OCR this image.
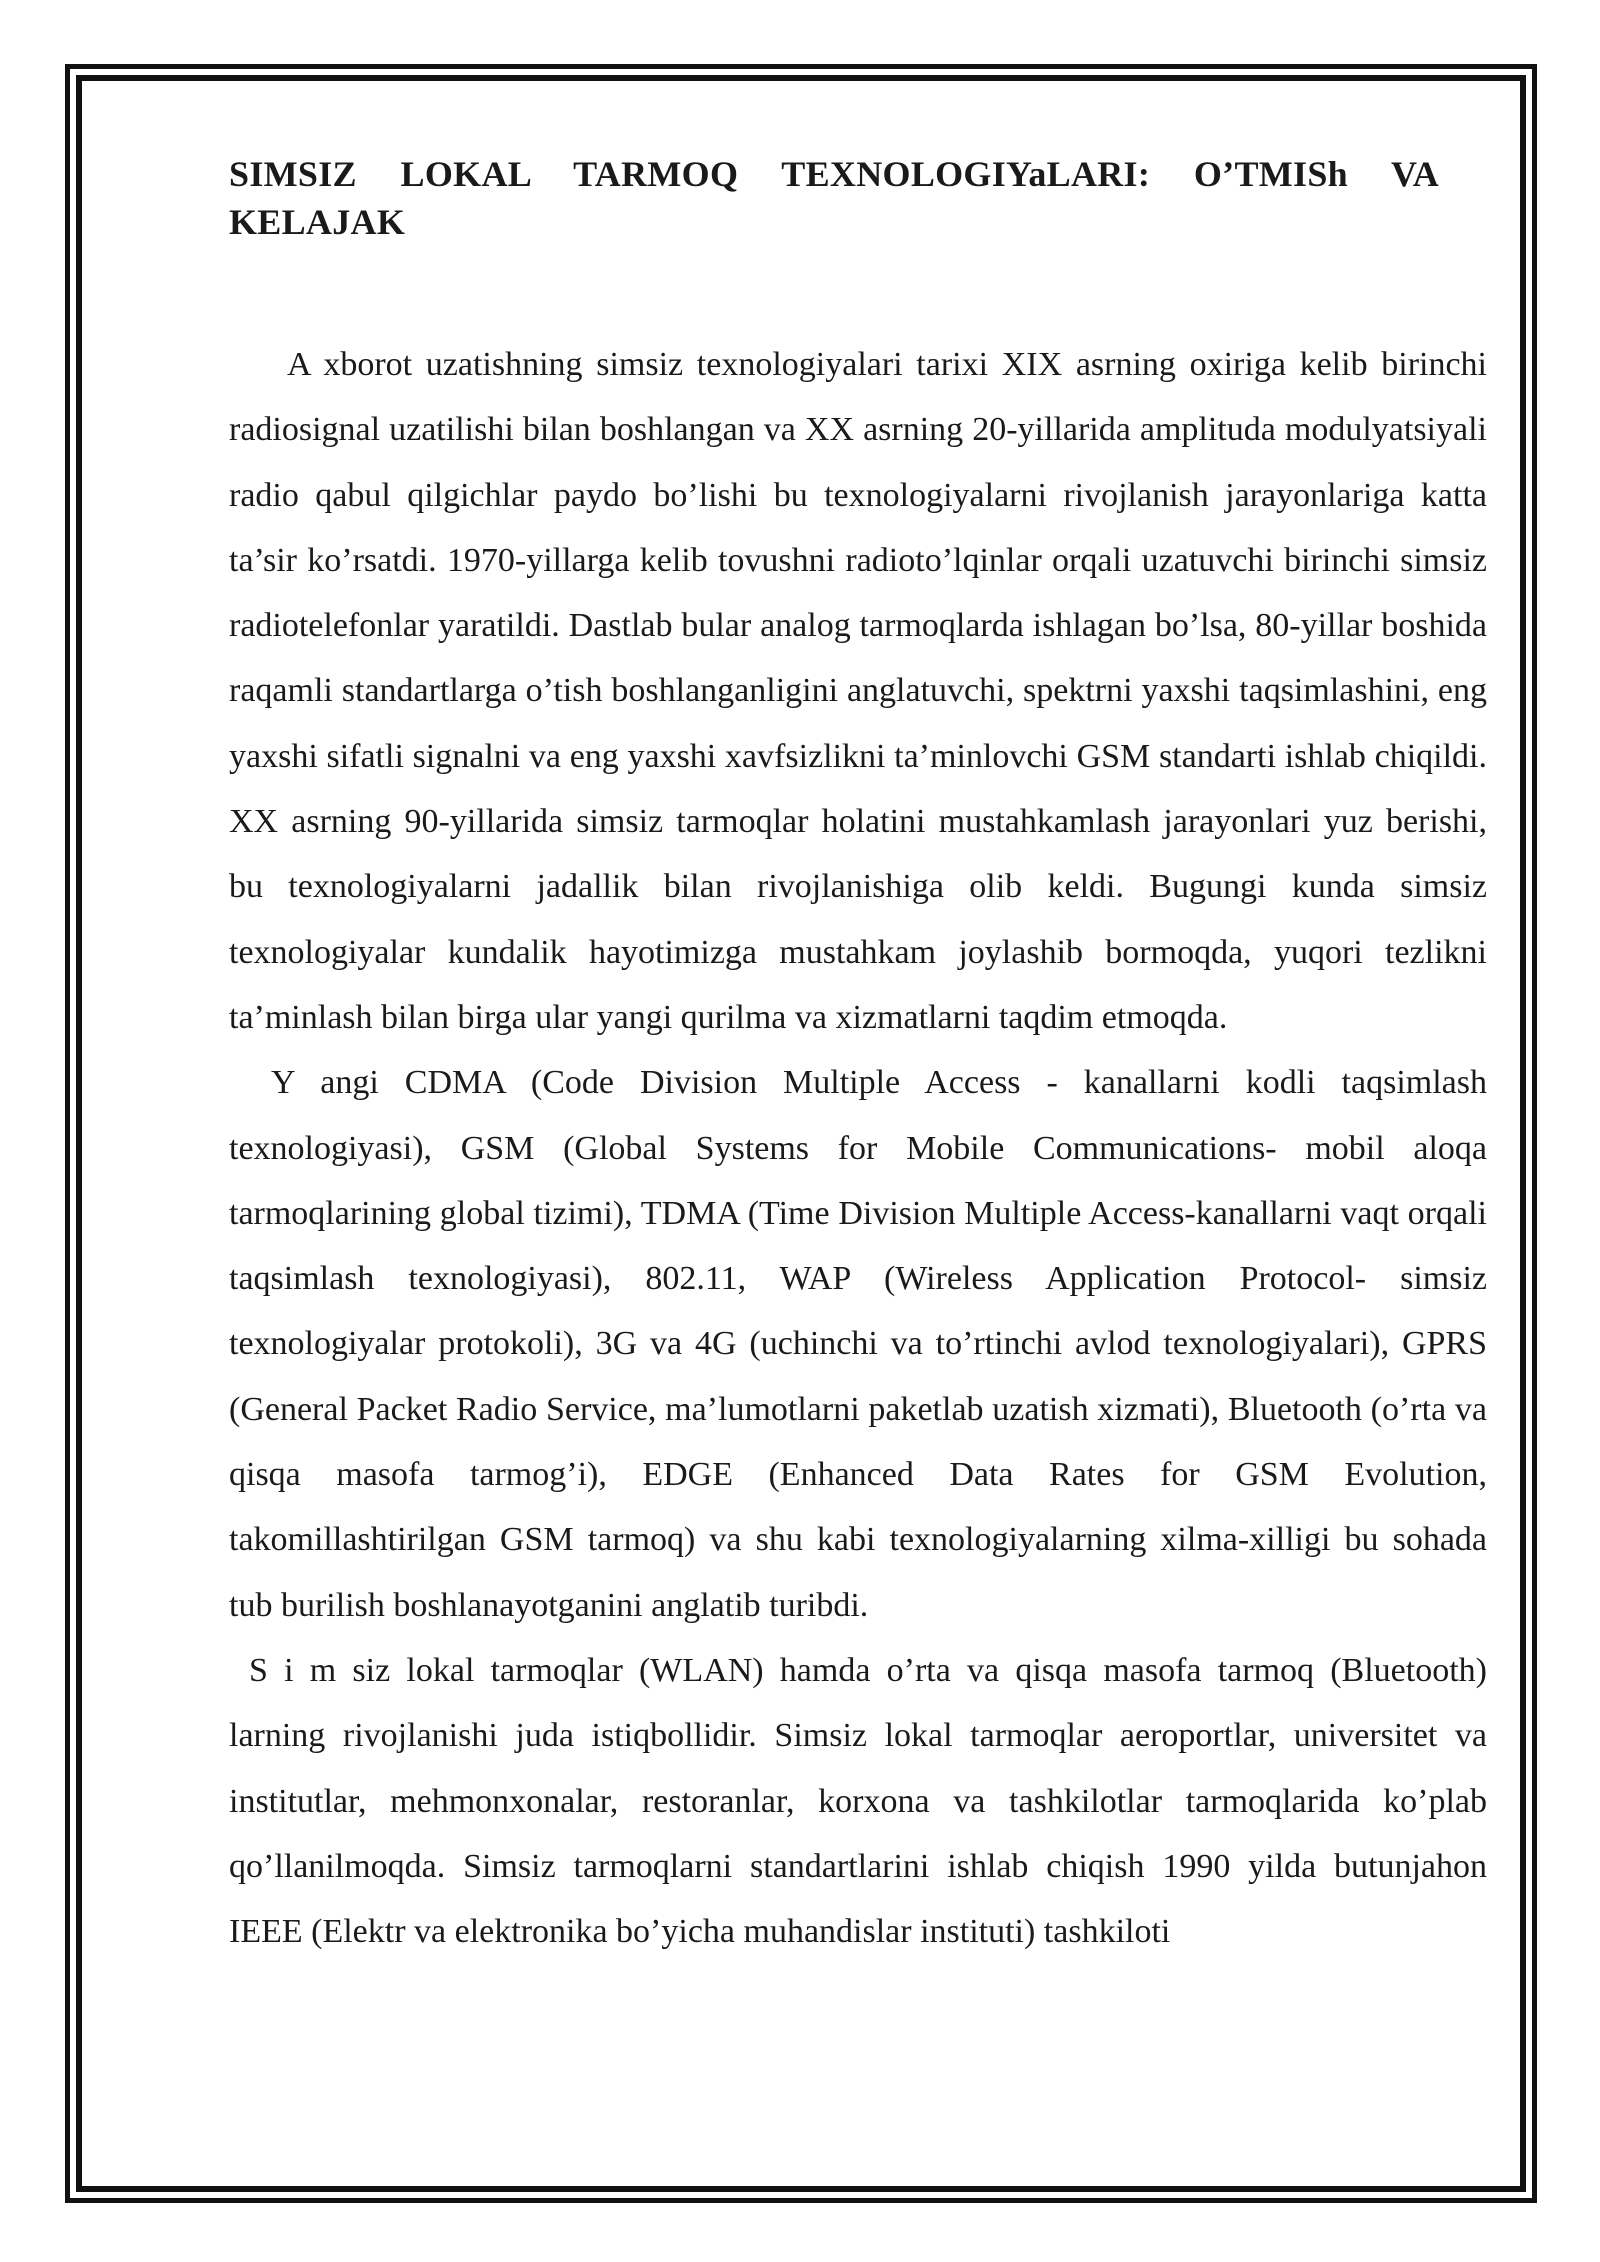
SIMSIZ LOKAL TARMOQ TEXNOLOGIYaLARI: O’TMISh VA KELAJAK

A xborot uzatishning simsiz texnologiyalari tarixi XIX asrning oxiriga kelib birinchi radiosignal uzatilishi bilan boshlangan va XX asrning 20-yillarida amplituda modulyatsiyali radio qabul qilgichlar paydo bo’lishi bu texnologiyalarni rivojlanish jarayonlariga katta ta’sir ko’rsatdi. 1970-yillarga kelib tovushni radioto’lqinlar orqali uzatuvchi birinchi simsiz radiotelefonlar yaratildi. Dastlab bular analog tarmoqlarda ishlagan bo’lsa, 80-yillar boshida raqamli standartlarga o’tish boshlanganligini anglatuvchi, spektrni yaxshi taqsimlashini, eng yaxshi sifatli signalni va eng yaxshi xavfsizlikni ta’minlovchi GSM standarti ishlab chiqildi. XX asrning 90-yillarida simsiz tarmoqlar holatini mustahkamlash jarayonlari yuz berishi, bu texnologiyalarni jadallik bilan rivojlanishiga olib keldi. Bugungi kunda simsiz texnologiyalar kundalik hayotimizga mustahkam joylashib bormoqda, yuqori tezlikni ta’minlash bilan birga ular yangi qurilma va xizmatlarni taqdim etmoqda.

Y angi CDMA (Code Division Multiple Access - kanallarni kodli taqsimlash texnologiyasi), GSM (Global Systems for Mobile Communications- mobil aloqa tarmoqlarining global tizimi), TDMA (Time Division Multiple Access-kanallarni vaqt orqali taqsimlash texnologiyasi), 802.11, WAP (Wireless Application Protocol- simsiz texnologiyalar protokoli), 3G va 4G (uchinchi va to’rtinchi avlod texnologiyalari), GPRS (General Packet Radio Service, ma’lumotlarni paketlab uzatish xizmati), Bluetooth (o’rta va qisqa masofa tarmog’i), EDGE (Enhanced Data Rates for GSM Evolution, takomillashtirilgan GSM tarmoq) va shu kabi texnologiyalarning xilma-xilligi bu sohada tub burilish boshlanayotganini anglatib turibdi.

S i m siz lokal tarmoqlar (WLAN) hamda o’rta va qisqa masofa tarmoq (Bluetooth) larning rivojlanishi juda istiqbollidir. Simsiz lokal tarmoqlar aeroportlar, universitet va institutlar, mehmonxonalar, restoranlar, korxona va tashkilotlar tarmoqlarida ko’plab qo’llanilmoqda. Simsiz tarmoqlarni standartlarini ishlab chiqish 1990 yilda butunjahon IEEE (Elektr va elektronika bo’yicha muhandislar instituti) tashkiloti
